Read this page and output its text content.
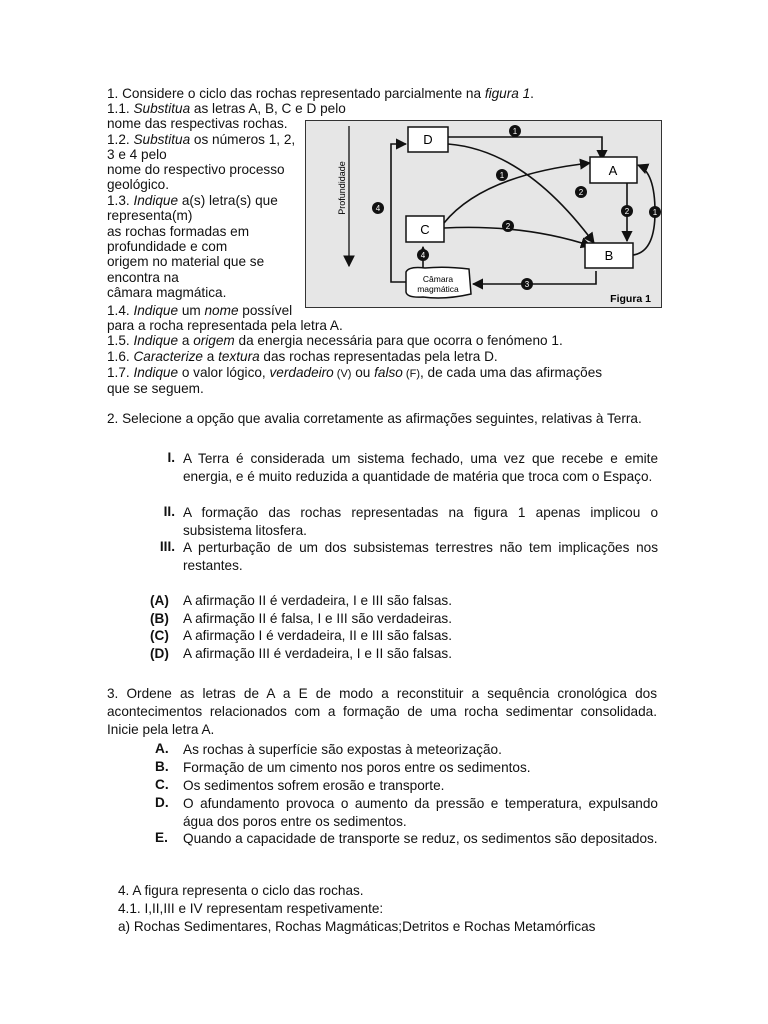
1. Considere o ciclo das rochas representado parcialmente na figura 1.
1.1. Substitua as letras A, B, C e D pelo
nome das respectivas rochas.
1.2. Substitua os números 1, 2,
3 e 4 pelo
nome do respectivo processo
geológico.
1.3. Indique a(s) letra(s) que
representa(m)
as rochas formadas em
profundidade e com
origem no material que se
encontra na
câmara magmática.
1.4. Indique um nome possível
para a rocha representada pela letra A.
1.5. Indique a origem da energia necessária para que ocorra o fenómeno 1.
1.6. Caracterize a textura das rochas representadas pela letra D.
1.7. Indique o valor lógico, verdadeiro (V) ou falso (F), de cada uma das afirmações
que se seguem.
Profundidade
D
A
C
B
Câmara
magmática
1
1
1
2
2
2
3
4
4
Figura 1
2. Selecione a opção que avalia corretamente as afirmações seguintes, relativas à Terra.
I. A Terra é considerada um sistema fechado, uma vez que recebe e emite energia, e é muito reduzida a quantidade de matéria que troca com o Espaço.
II. A formação das rochas representadas na figura 1 apenas implicou o subsistema litosfera.
III. A perturbação de um dos subsistemas terrestres não tem implicações nos restantes.
(A)	A afirmação II é verdadeira, I e III são falsas.
(B)	A afirmação II é falsa, I e III são verdadeiras.
(C)	A afirmação I é verdadeira, II e III são falsas.
(D)	A afirmação III é verdadeira, I e II são falsas.
3. Ordene as letras de A a E de modo a reconstituir a sequência cronológica dos acontecimentos relacionados com a formação de uma rocha sedimentar consolidada. Inicie pela letra A.
A. As rochas à superfície são expostas à meteorização.
B. Formação de um cimento nos poros entre os sedimentos.
C. Os sedimentos sofrem erosão e transporte.
D. O afundamento provoca o aumento da pressão e temperatura, expulsando água dos poros entre os sedimentos.
E. Quando a capacidade de transporte se reduz, os sedimentos são depositados.
4. A figura representa o ciclo das rochas.
4.1. I,II,III e IV representam respetivamente:
a) Rochas Sedimentares, Rochas Magmáticas;Detritos e Rochas Metamórficas
